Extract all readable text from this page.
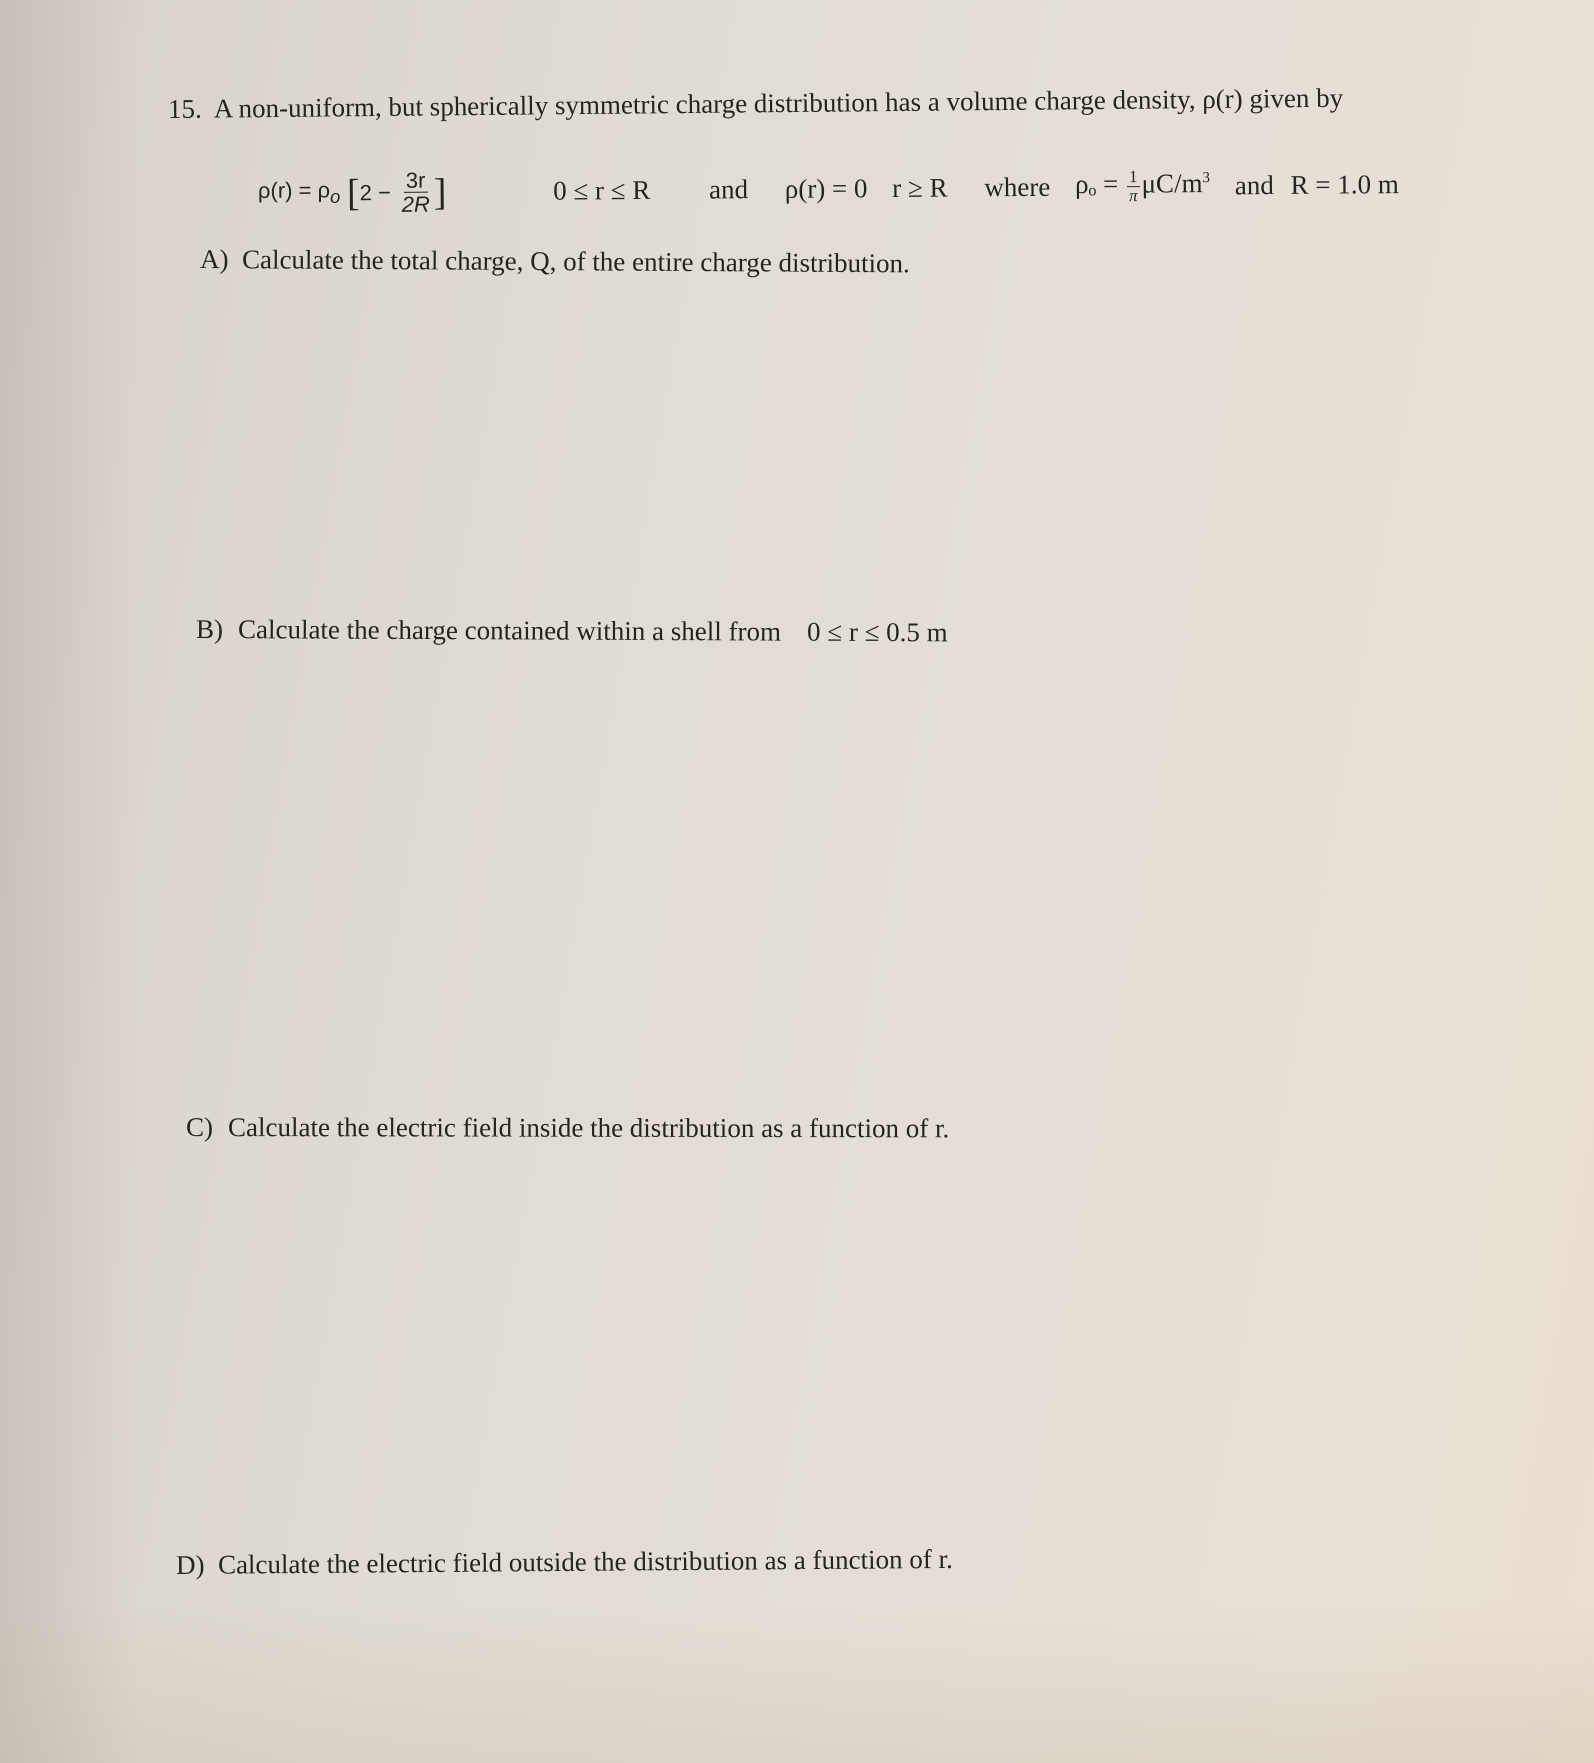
15. A non-uniform, but spherically symmetric charge distribution has a volume charge density, ρ(r) given by
$\rho(r) = \rho_o$ [$2 - \frac{3r}{2R}$ ]	0 ≤ r ≤ R and ρ(r) = 0 r ≥ R where $\rho_o = \frac{1}{\pi} \mu C/m^3$ and R = 1.0 m
A) Calculate the total charge, Q, of the entire charge distribution.
B) Calculate the charge contained within a shell from 0 ≤ r ≤ 0.5 m
C) Calculate the electric field inside the distribution as a function of r.
D) Calculate the electric field outside the distribution as a function of r.
